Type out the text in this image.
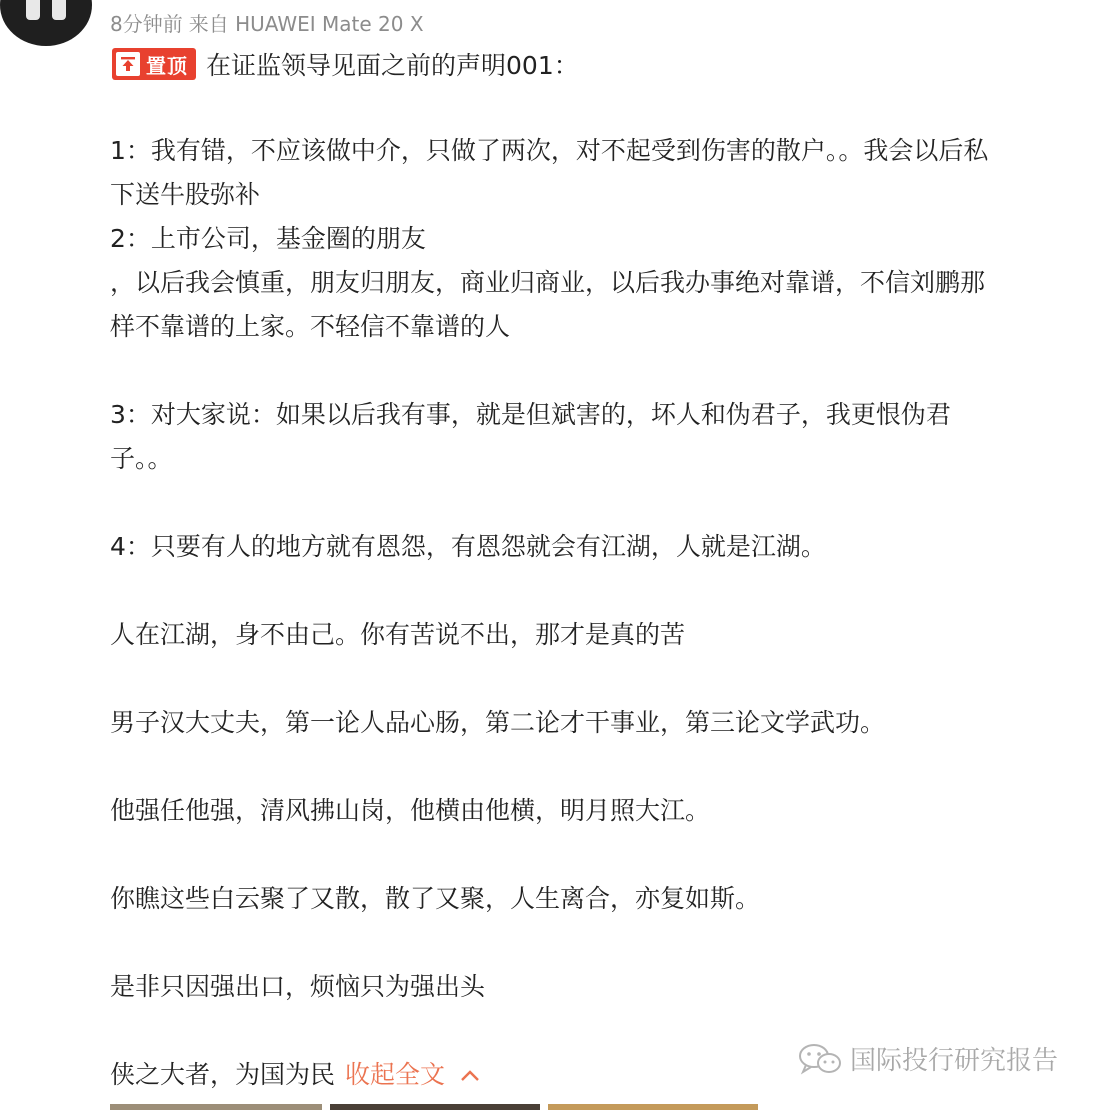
8分钟前 来自 HUAWEI Mate 20 X
置顶 在证监领导见面之前的声明001：
1：我有错，不应该做中介，只做了两次，对不起受到伤害的散户。。我会以后私
下送牛股弥补
2：上市公司，基金圈的朋友
，以后我会慎重，朋友归朋友，商业归商业，以后我办事绝对靠谱，不信刘鹏那
样不靠谱的上家。不轻信不靠谱的人
3：对大家说：如果以后我有事，就是但斌害的，坏人和伪君子，我更恨伪君
子。。
4：只要有人的地方就有恩怨，有恩怨就会有江湖，人就是江湖。
人在江湖，身不由己。你有苦说不出，那才是真的苦
男子汉大丈夫，第一论人品心肠，第二论才干事业，第三论文学武功。
他强任他强，清风拂山岗，他横由他横，明月照大江。
你瞧这些白云聚了又散，散了又聚，人生离合，亦复如斯。
是非只因强出口，烦恼只为强出头
侠之大者，为国为民 收起全文	国际投行研究报告
